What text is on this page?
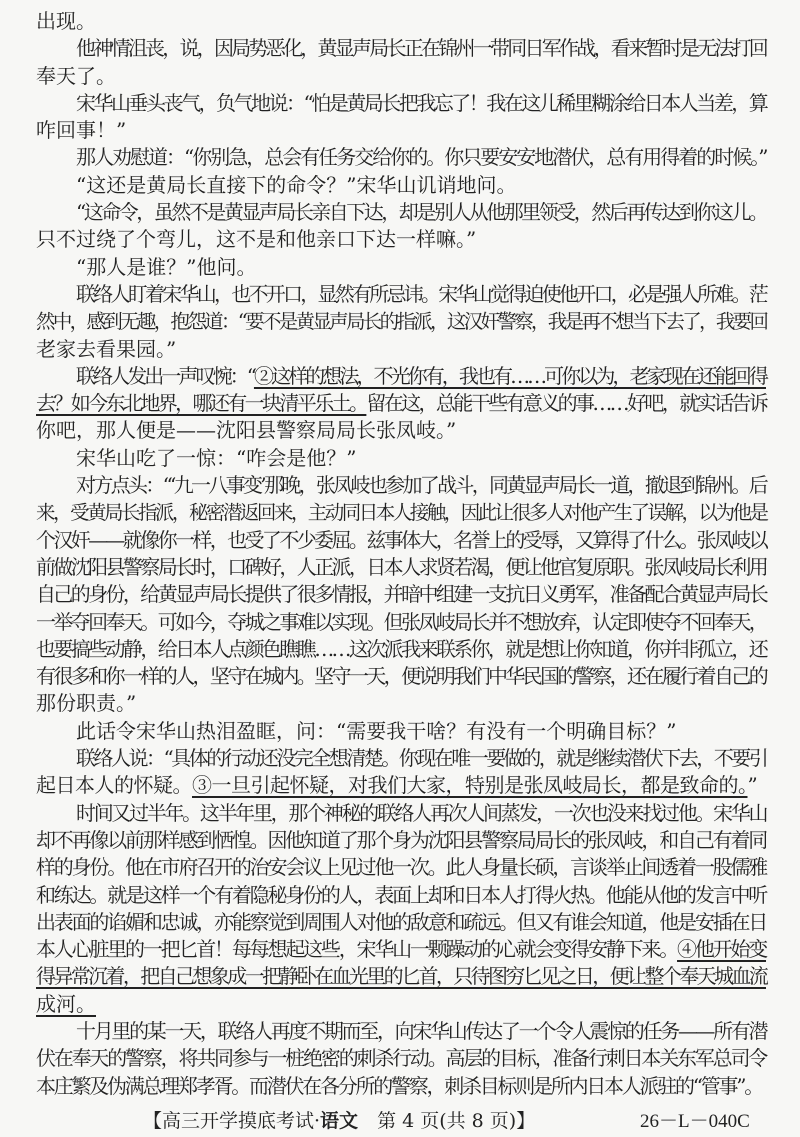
出现。
他神情沮丧，说，因局势恶化，黄显声局长正在锦州一带同日军作战，看来暂时是无法打回
奉天了。
宋华山垂头丧气，负气地说：“怕是黄局长把我忘了！我在这儿稀里糊涂给日本人当差，算
咋回事！”
那人劝慰道：“你别急，总会有任务交给你的。你只要安安地潜伏，总有用得着的时候。”
“这还是黄局长直接下的命令？”宋华山讥诮地问。
“这命令，虽然不是黄显声局长亲自下达，却是别人从他那里领受，然后再传达到你这儿。
只不过绕了个弯儿，这不是和他亲口下达一样嘛。”
“那人是谁？”他问。
联络人盯着宋华山，也不开口，显然有所忌讳。宋华山觉得迫使他开口，必是强人所难。茫
然中，感到无趣，抱怨道：“要不是黄显声局长的指派，这汉奸警察，我是再不想当下去了，我要回
老家去看果园。”
联络人发出一声叹惋：“②这样的想法，不光你有，我也有……可你以为，老家现在还能回得
去？如今东北地界，哪还有一块清平乐土。留在这，总能干些有意义的事……好吧，就实话告诉
你吧，那人便是——沈阳县警察局局长张凤岐。”
宋华山吃了一惊：“咋会是他？”
对方点头：“‘九一八事变’那晚，张凤岐也参加了战斗，同黄显声局长一道，撤退到锦州。后
来，受黄局长指派，秘密潜返回来，主动同日本人接触，因此让很多人对他产生了误解，以为他是
个汉奸——就像你一样，也受了不少委屈。兹事体大，名誉上的受辱，又算得了什么。张凤岐以
前做沈阳县警察局长时，口碑好，人正派，日本人求贤若渴，便让他官复原职。张凤岐局长利用
自己的身份，给黄显声局长提供了很多情报，并暗中组建一支抗日义勇军，准备配合黄显声局长
一举夺回奉天。可如今，夺城之事难以实现。但张凤岐局长并不想放弃，认定即使夺不回奉天，
也要搞些动静，给日本人点颜色瞧瞧……这次派我来联系你，就是想让你知道，你并非孤立，还
有很多和你一样的人，坚守在城内。坚守一天，便说明我们中华民国的警察，还在履行着自己的
那份职责。”
此话令宋华山热泪盈眶，问：“需要我干啥？有没有一个明确目标？”
联络人说：“具体的行动还没完全想清楚。你现在唯一要做的，就是继续潜伏下去，不要引
起日本人的怀疑。③一旦引起怀疑，对我们大家，特别是张凤岐局长，都是致命的。”
时间又过半年。这半年里，那个神秘的联络人再次人间蒸发，一次也没来找过他。宋华山
却不再像以前那样感到恓惶。因他知道了那个身为沈阳县警察局局长的张凤岐，和自己有着同
样的身份。他在市府召开的治安会议上见过他一次。此人身量长硕，言谈举止间透着一股儒雅
和练达。就是这样一个有着隐秘身份的人，表面上却和日本人打得火热。他能从他的发言中听
出表面的谄媚和忠诚，亦能察觉到周围人对他的敌意和疏远。但又有谁会知道，他是安插在日
本人心脏里的一把匕首！每每想起这些，宋华山一颗躁动的心就会变得安静下来。④他开始变
得异常沉着，把自己想象成一把静卧在血光里的匕首，只待图穷匕见之日，便让整个奉天城血流
成河。
十月里的某一天，联络人再度不期而至，向宋华山传达了一个令人震惊的任务——所有潜
伏在奉天的警察，将共同参与一桩绝密的刺杀行动。高层的目标，准备行刺日本关东军总司令
本庄繁及伪满总理郑孝胥。而潜伏在各分所的警察，刺杀目标则是所内日本人派驻的“管事”。
【高三开学摸底考试·语文　第 4 页(共 8 页)】	26－L－040C
